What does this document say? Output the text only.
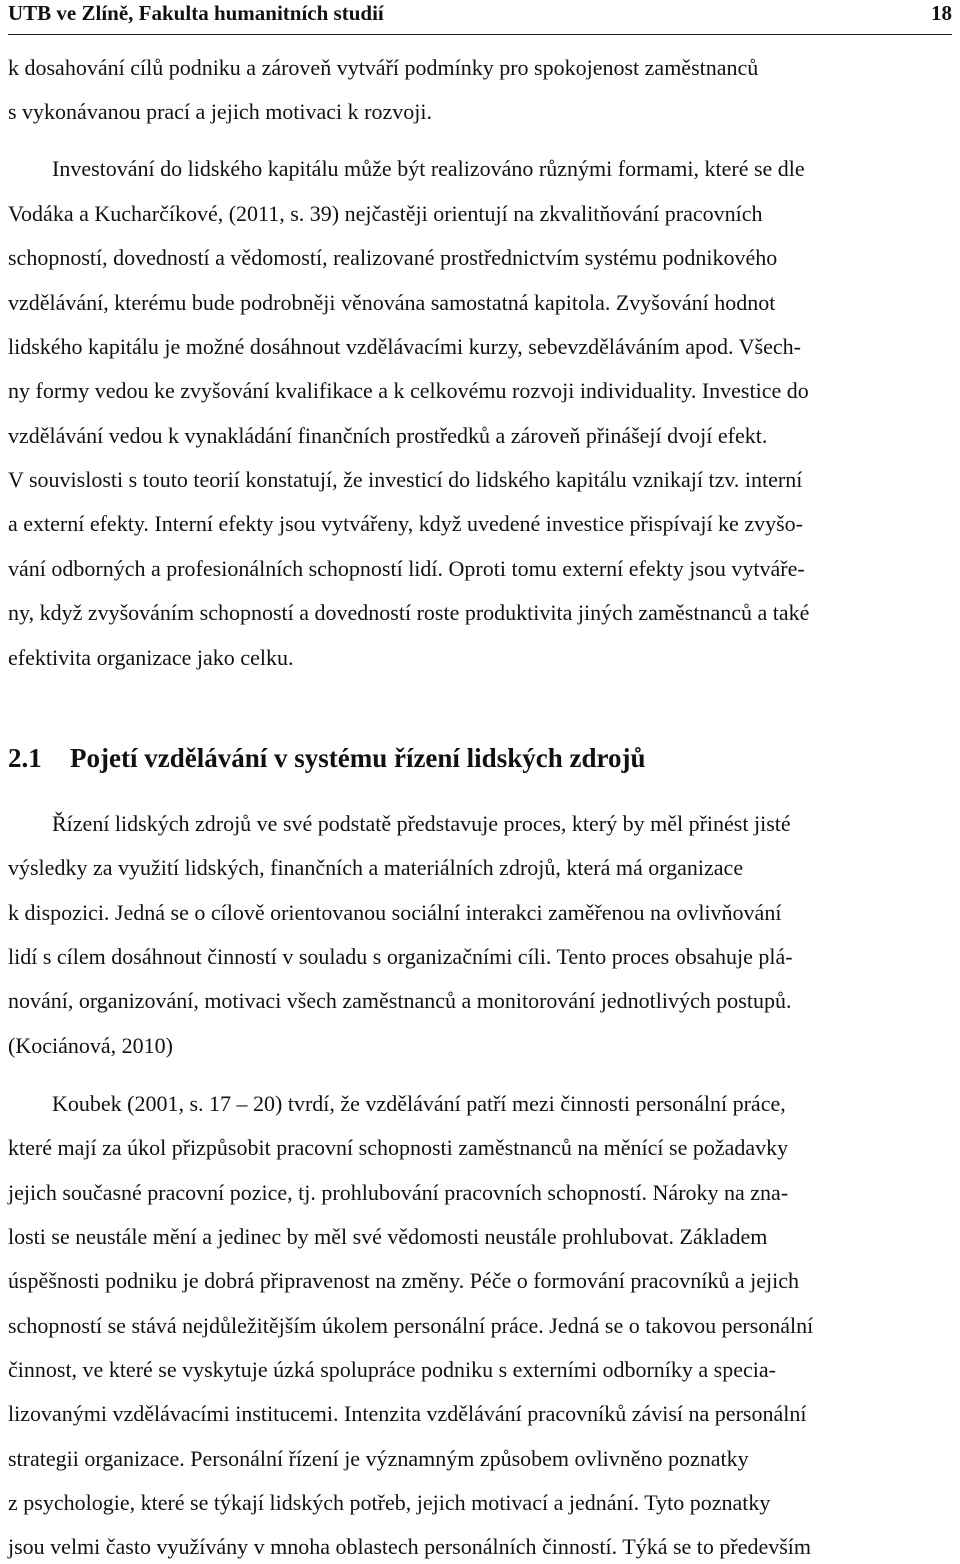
UTB ve Zlíně, Fakulta humanitních studií	18
k dosahování cílů podniku a zároveň vytváří podmínky pro spokojenost zaměstnanců
s vykonávanou prací a jejich motivaci k rozvoji.
Investování do lidského kapitálu může být realizováno různými formami, které se dle
Vodáka a Kucharčíkové, (2011, s. 39) nejčastěji orientují na zkvalitňování pracovních
schopností, dovedností a vědomostí, realizované prostřednictvím systému podnikového
vzdělávání, kterému bude podrobněji věnována samostatná kapitola. Zvyšování hodnot
lidského kapitálu je možné dosáhnout vzdělávacími kurzy, sebevzděláváním apod. Všech-
ny formy vedou ke zvyšování kvalifikace a k celkovému rozvoji individuality. Investice do
vzdělávání vedou k vynakládání finančních prostředků a zároveň přinášejí dvojí efekt.
V souvislosti s touto teorií konstatují, že investicí do lidského kapitálu vznikají tzv. interní
a externí efekty. Interní efekty jsou vytvářeny, když uvedené investice přispívají ke zvyšo-
vání odborných a profesionálních schopností lidí. Oproti tomu externí efekty jsou vytváře-
ny, když zvyšováním schopností a dovedností roste produktivita jiných zaměstnanců a také
efektivita organizace jako celku.
2.1 Pojetí vzdělávání v systému řízení lidských zdrojů
Řízení lidských zdrojů ve své podstatě představuje proces, který by měl přinést jisté
výsledky za využití lidských, finančních a materiálních zdrojů, která má organizace
k dispozici. Jedná se o cílově orientovanou sociální interakci zaměřenou na ovlivňování
lidí s cílem dosáhnout činností v souladu s organizačními cíli. Tento proces obsahuje plá-
nování, organizování, motivaci všech zaměstnanců a monitorování jednotlivých postupů.
(Kociánová, 2010)
Koubek (2001, s. 17 – 20) tvrdí, že vzdělávání patří mezi činnosti personální práce,
které mají za úkol přizpůsobit pracovní schopnosti zaměstnanců na měnící se požadavky
jejich současné pracovní pozice, tj. prohlubování pracovních schopností. Nároky na zna-
losti se neustále mění a jedinec by měl své vědomosti neustále prohlubovat. Základem
úspěšnosti podniku je dobrá připravenost na změny. Péče o formování pracovníků a jejich
schopností se stává nejdůležitějším úkolem personální práce. Jedná se o takovou personální
činnost, ve které se vyskytuje úzká spolupráce podniku s externími odborníky a specia-
lizovanými vzdělávacími institucemi. Intenzita vzdělávání pracovníků závisí na personální
strategii organizace. Personální řízení je významným způsobem ovlivněno poznatky
z psychologie, které se týkají lidských potřeb, jejich motivací a jednání. Tyto poznatky
jsou velmi často využívány v mnoha oblastech personálních činností. Týká se to především
